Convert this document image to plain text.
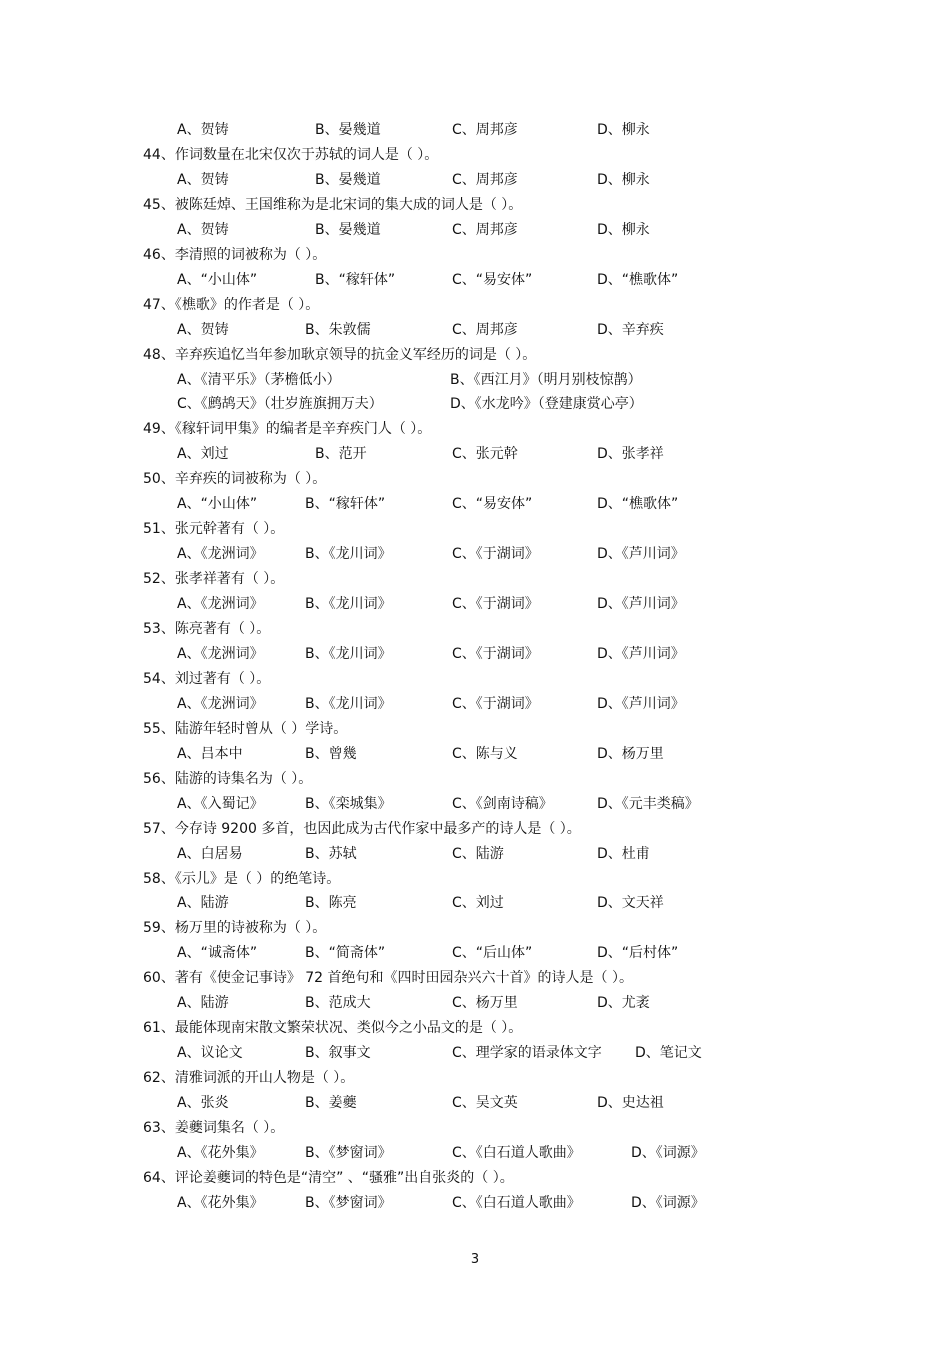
3
A、贺铸	B、晏幾道	C、周邦彦	D、柳永
44、作词数量在北宋仅次于苏轼的词人是（ ）。
A、贺铸	B、晏幾道	C、周邦彦	D、柳永
45、被陈廷焯、王国维称为是北宋词的集大成的词人是（ ）。
A、贺铸	B、晏幾道	C、周邦彦	D、柳永
46、李清照的词被称为（ ）。
A、“小山体”	B、“稼轩体”	C、“易安体”	D、“樵歌体”
47、《樵歌》的作者是（ ）。
A、贺铸	B、朱敦儒	C、周邦彦	D、辛弃疾
48、辛弃疾追忆当年参加耿京领导的抗金义军经历的词是（ ）。
A、《清平乐》（茅檐低小）	B、《西江月》（明月别枝惊鹊）
C、《鹧鸪天》（壮岁旌旗拥万夫）	D、《水龙吟》（登建康赏心亭）
49、《稼轩词甲集》的编者是辛弃疾门人（ ）。
A、刘过	B、范开	C、张元幹	D、张孝祥
50、辛弃疾的词被称为（ ）。
A、“小山体”	B、“稼轩体”	C、“易安体”	D、“樵歌体”
51、张元幹著有（ ）。
A、《龙洲词》	B、《龙川词》	C、《于湖词》	D、《芦川词》
52、张孝祥著有（ ）。
A、《龙洲词》	B、《龙川词》	C、《于湖词》	D、《芦川词》
53、陈亮著有（ ）。
A、《龙洲词》	B、《龙川词》	C、《于湖词》	D、《芦川词》
54、刘过著有（ ）。
A、《龙洲词》	B、《龙川词》	C、《于湖词》	D、《芦川词》
55、陆游年轻时曾从（ ）学诗。
A、吕本中	B、曾幾	C、陈与义	D、杨万里
56、陆游的诗集名为（ ）。
A、《入蜀记》	B、《栾城集》	C、《剑南诗稿》	D、《元丰类稿》
57、今存诗 9200 多首，也因此成为古代作家中最多产的诗人是（ ）。
A、白居易	B、苏轼	C、陆游	D、杜甫
58、《示儿》是（ ）的绝笔诗。
A、陆游	B、陈亮	C、刘过	D、文天祥
59、杨万里的诗被称为（ ）。
A、“诚斋体”	B、“简斋体”	C、“后山体”	D、“后村体”
60、著有《使金记事诗》 72 首绝句和《四时田园杂兴六十首》的诗人是（ ）。
A、陆游	B、范成大	C、杨万里	D、尤袤
61、最能体现南宋散文繁荣状况、类似今之小品文的是（ ）。
A、议论文	B、叙事文	C、理学家的语录体文字 D、笔记文
62、清雅词派的开山人物是（ ）。
A、张炎	B、姜夔	C、吴文英	D、史达祖
63、姜夔词集名（ ）。
A、《花外集》	B、《梦窗词》	C、《白石道人歌曲》	D、《词源》
64、评论姜夔词的特色是“清空” 、“骚雅”出自张炎的（ ）。
A、《花外集》	B、《梦窗词》	C、《白石道人歌曲》	D、《词源》
